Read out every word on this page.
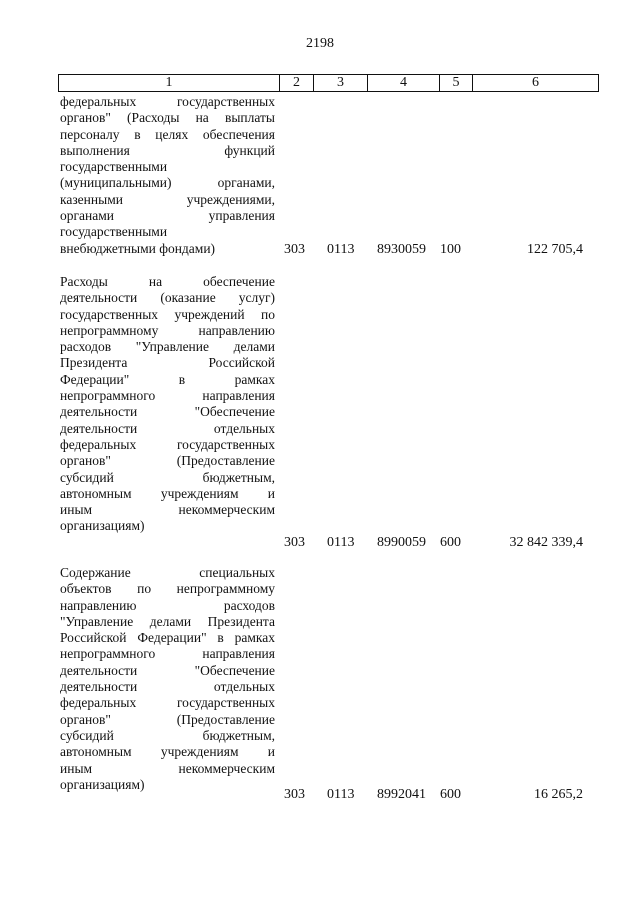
2198
1	2	3	4	5	6
федеральных государственных
органов" (Расходы на выплаты
персоналу в целях обеспечения
выполнения функций
государственными
(муниципальными) органами,
казенными учреждениями,
органами управления
государственными
внебюджетными фондами)	303 0113 8930059 100	122 705,4
Расходы на обеспечение
деятельности (оказание услуг)
государственных учреждений по
непрограммному направлению
расходов "Управление делами
Президента Российской
Федерации" в рамках
непрограммного направления
деятельности "Обеспечение
деятельности отдельных
федеральных государственных
органов" (Предоставление
субсидий бюджетным,
автономным учреждениям и
иным некоммерческим
организациям)
303 0113 8990059 600	32 842 339,4
Содержание специальных
объектов по непрограммному
направлению расходов
"Управление делами Президента
Российской Федерации" в рамках
непрограммного направления
деятельности "Обеспечение
деятельности отдельных
федеральных государственных
органов" (Предоставление
субсидий бюджетным,
автономным учреждениям и
иным некоммерческим
организациям)
303 0113 8992041 600	16 265,2
